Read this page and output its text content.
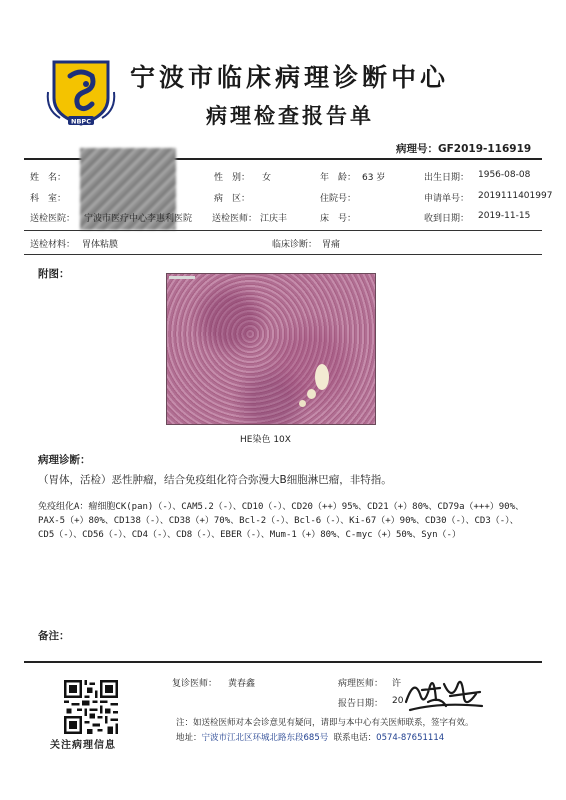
NBPC
宁波市临床病理诊断中心
病理检查报告单
病理号：GF2019-116919
姓　名：	性　别： 女	年　龄： 63 岁	出生日期： 1956-08-08
科　室：	病　区：	住院号：	申请单号： 2019111401997
送检医院： 宁波市医疗中心李惠利医院 送检医师： 江庆丰	床　号：	收到日期： 2019-11-15
送检材料： 胃体粘膜	临床诊断： 胃痛
附图：
HE染色 10X
病理诊断：
（胃体，活检）恶性肿瘤，结合免疫组化符合弥漫大B细胞淋巴瘤，非特指。
免疫组化A：瘤细胞CK(pan)（-）、CAM5.2（-）、CD10（-）、CD20（++）95%、CD21（+）80%、CD79a（+++）90%、PAX-5（+）80%、CD138（-）、CD38（+）70%、Bcl-2（-）、Bcl-6（-）、Ki-67（+）90%、CD30（-）、CD3（-）、CD5（-）、CD56（-）、CD4（-）、CD8（-）、EBER（-）、Mum-1（+）80%、C-myc（+）50%、Syn（-）
备注：
关注病理信息
复诊医师： 黄春鑫	病理医师： 许
报告日期： 20
注：如送检医师对本会诊意见有疑问，请即与本中心有关医师联系，签字有效。
地址：宁波市江北区环城北路东段685号 联系电话：0574-87651114
